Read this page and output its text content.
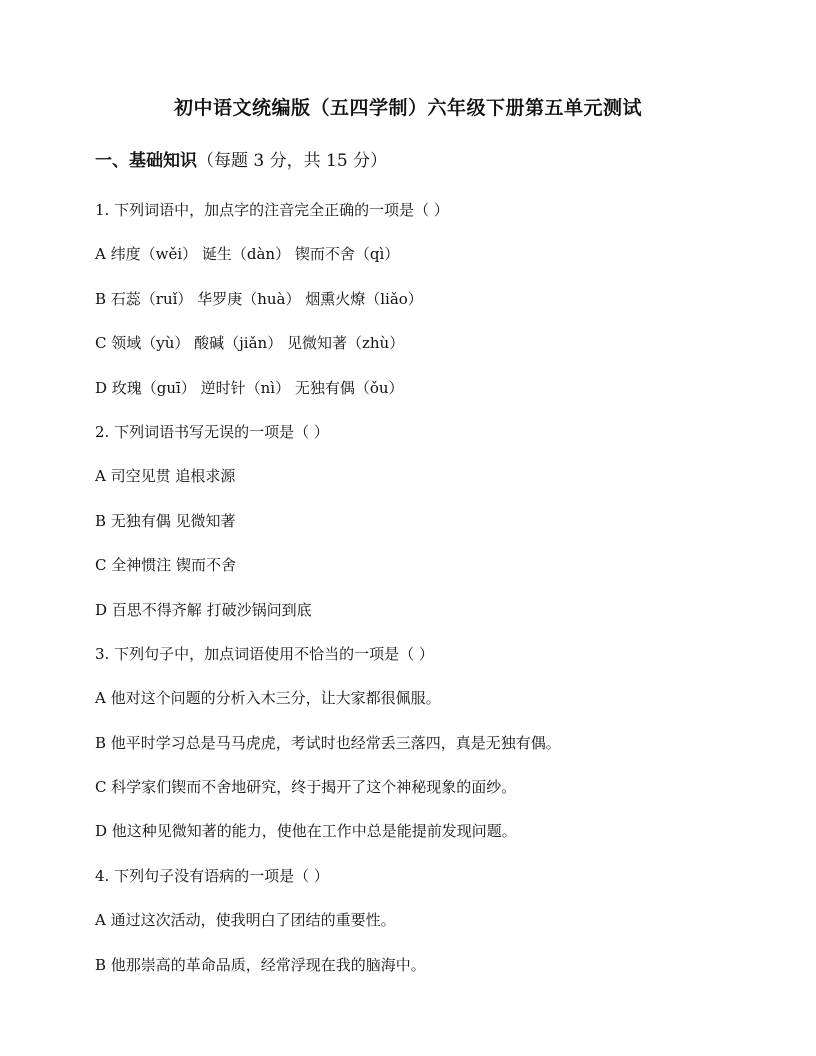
初中语文统编版（五四学制）六年级下册第五单元测试
一、基础知识（每题 3 分，共 15 分）
1. 下列词语中，加点字的注音完全正确的一项是（ ）
A 纬度（wěi） 诞生（dàn） 锲而不舍（qì）
B 石蕊（ruǐ） 华罗庚（huà） 烟熏火燎（liǎo）
C 领域（yù） 酸碱（jiǎn） 见微知著（zhù）
D 玫瑰（guī） 逆时针（nì） 无独有偶（ǒu）
2. 下列词语书写无误的一项是（ ）
A 司空见贯 追根求源
B 无独有偶 见微知著
C 全神惯注 锲而不舍
D 百思不得齐解 打破沙锅问到底
3. 下列句子中，加点词语使用不恰当的一项是（ ）
A 他对这个问题的分析入木三分，让大家都很佩服。
B 他平时学习总是马马虎虎，考试时也经常丢三落四，真是无独有偶。
C 科学家们锲而不舍地研究，终于揭开了这个神秘现象的面纱。
D 他这种见微知著的能力，使他在工作中总是能提前发现问题。
4. 下列句子没有语病的一项是（ ）
A 通过这次活动，使我明白了团结的重要性。
B 他那崇高的革命品质，经常浮现在我的脑海中。
